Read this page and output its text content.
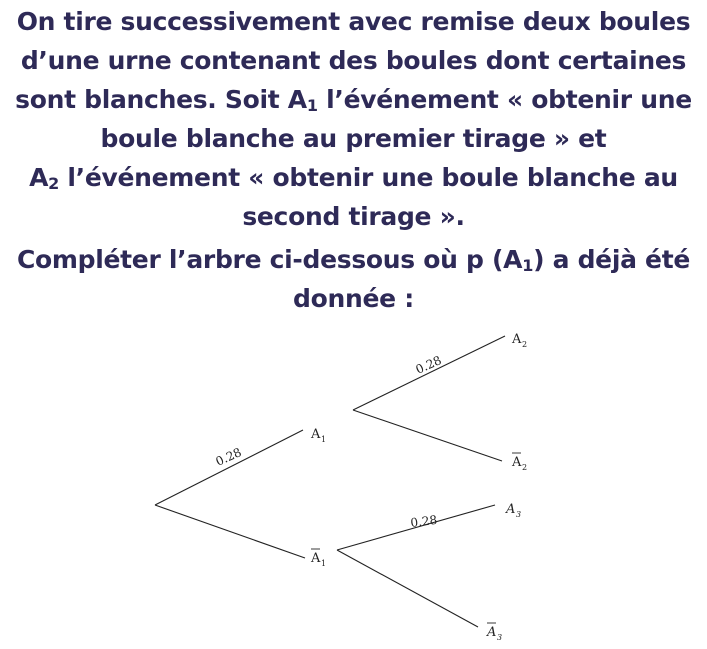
On tire successivement avec remise deux boules

d’une urne contenant des boules dont certaines

sont blanches. Soit $A_1$ l’événement « obtenir une

boule blanche au premier tirage » et

$A_2$ l’événement « obtenir une boule blanche au

second tirage ».

Compléter l’arbre ci-dessous où p $(A_1)$ a déjà été

donnée :

0.28
0.28
0.28
A 1
A 1
A 2
A 2
A 3
A 3
